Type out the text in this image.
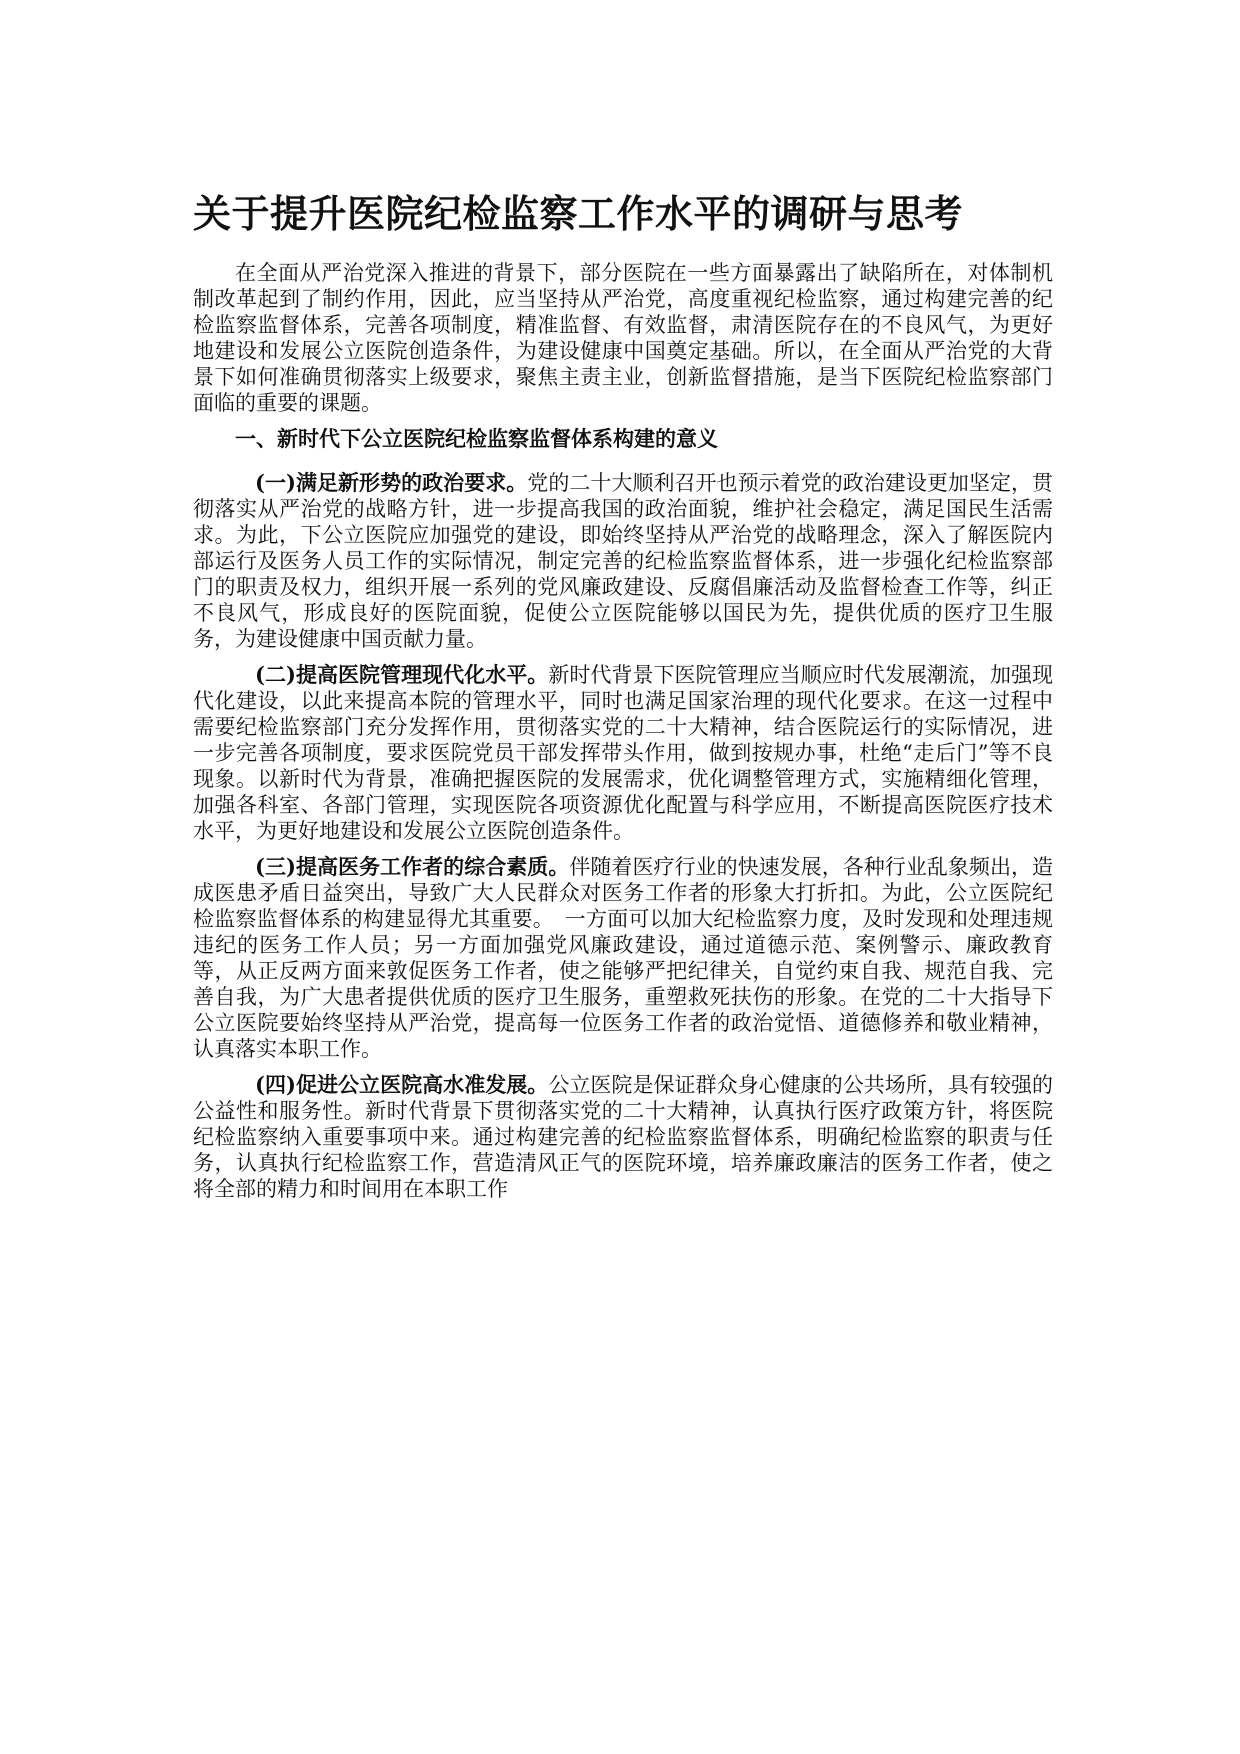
关于提升医院纪检监察工作水平的调研与思考

在全面从严治党深入推进的背景下，部分医院在一些方面暴露出了缺陷所在，对体制机制改革起到了制约作用，因此，应当坚持从严治党，高度重视纪检监察，通过构建完善的纪检监察监督体系，完善各项制度，精准监督、有效监督，肃清医院存在的不良风气，为更好地建设和发展公立医院创造条件，为建设健康中国奠定基础。所以，在全面从严治党的大背景下如何准确贯彻落实上级要求，聚焦主责主业，创新监督措施，是当下医院纪检监察部门面临的重要的课题。

一、新时代下公立医院纪检监察监督体系构建的意义

(一)满足新形势的政治要求。党的二十大顺利召开也预示着党的政治建设更加坚定，贯彻落实从严治党的战略方针，进一步提高我国的政治面貌，维护社会稳定，满足国民生活需求。为此，下公立医院应加强党的建设，即始终坚持从严治党的战略理念，深入了解医院内部运行及医务人员工作的实际情况，制定完善的纪检监察监督体系，进一步强化纪检监察部门的职责及权力，组织开展一系列的党风廉政建设、反腐倡廉活动及监督检查工作等，纠正不良风气，形成良好的医院面貌，促使公立医院能够以国民为先，提供优质的医疗卫生服务，为建设健康中国贡献力量。

(二)提高医院管理现代化水平。新时代背景下医院管理应当顺应时代发展潮流，加强现代化建设，以此来提高本院的管理水平，同时也满足国家治理的现代化要求。在这一过程中需要纪检监察部门充分发挥作用，贯彻落实党的二十大精神，结合医院运行的实际情况，进一步完善各项制度，要求医院党员干部发挥带头作用，做到按规办事，杜绝“走后门”等不良现象。以新时代为背景，准确把握医院的发展需求，优化调整管理方式，实施精细化管理，加强各科室、各部门管理，实现医院各项资源优化配置与科学应用，不断提高医院医疗技术水平，为更好地建设和发展公立医院创造条件。

(三)提高医务工作者的综合素质。伴随着医疗行业的快速发展，各种行业乱象频出，造成医患矛盾日益突出，导致广大人民群众对医务工作者的形象大打折扣。为此，公立医院纪检监察监督体系的构建显得尤其重要。　一方面可以加大纪检监察力度，及时发现和处理违规违纪的医务工作人员；另一方面加强党风廉政建设，通过道德示范、案例警示、廉政教育等，从正反两方面来敦促医务工作者，使之能够严把纪律关，自觉约束自我、规范自我、完善自我，为广大患者提供优质的医疗卫生服务，重塑救死扶伤的形象。在党的二十大指导下公立医院要始终坚持从严治党，提高每一位医务工作者的政治觉悟、道德修养和敬业精神，认真落实本职工作。

(四)促进公立医院高水准发展。公立医院是保证群众身心健康的公共场所，具有较强的公益性和服务性。新时代背景下贯彻落实党的二十大精神，认真执行医疗政策方针，将医院纪检监察纳入重要事项中来。通过构建完善的纪检监察监督体系，明确纪检监察的职责与任务，认真执行纪检监察工作，营造清风正气的医院环境，培养廉政廉洁的医务工作者，使之将全部的精力和时间用在本职工作
